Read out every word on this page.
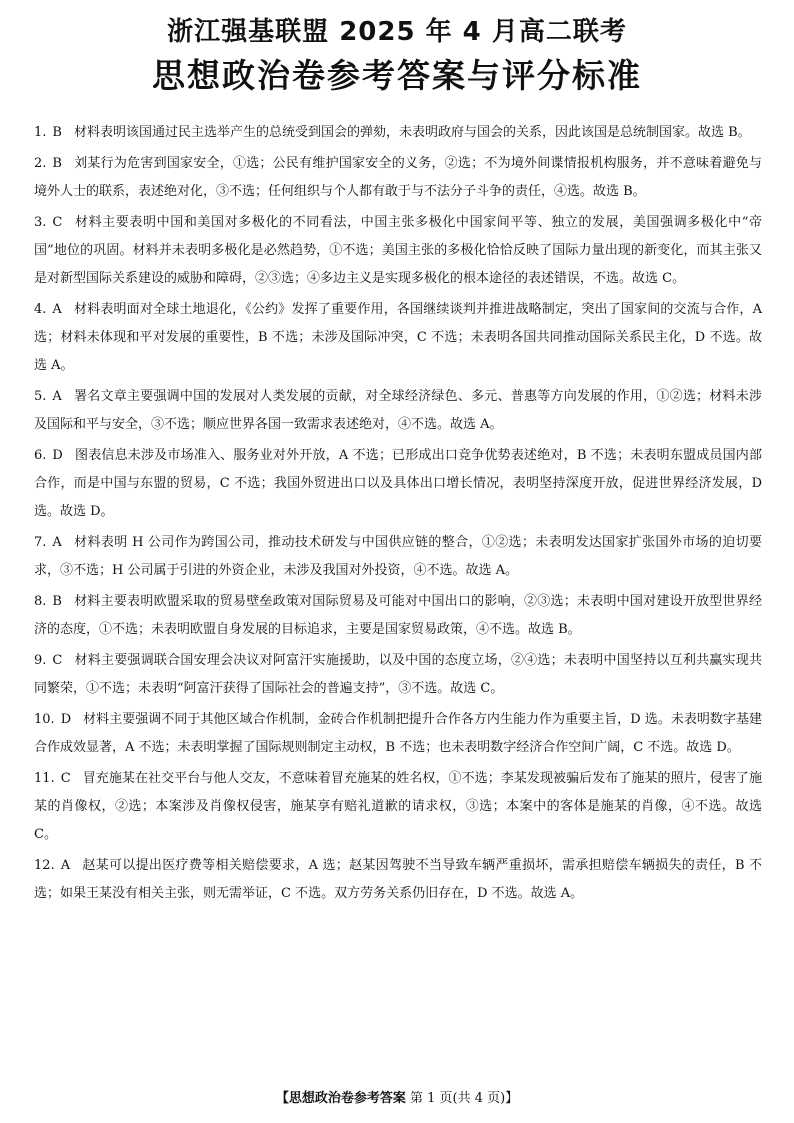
浙江强基联盟 2025 年 4 月高二联考
思想政治卷参考答案与评分标准
1. B 材料表明该国通过民主选举产生的总统受到国会的弹劾，未表明政府与国会的关系，因此该国是总统制国家。故选 B。
2. B 刘某行为危害到国家安全，①选；公民有维护国家安全的义务，②选；不为境外间谍情报机构服务，并不意味着避免与境外人士的联系，表述绝对化，③不选；任何组织与个人都有敢于与不法分子斗争的责任，④选。故选 B。
3. C 材料主要表明中国和美国对多极化的不同看法，中国主张多极化中国家间平等、独立的发展，美国强调多极化中“帝国”地位的巩固。材料并未表明多极化是必然趋势，①不选；美国主张的多极化恰恰反映了国际力量出现的新变化，而其主张又是对新型国际关系建设的威胁和障碍，②③选；④多边主义是实现多极化的根本途径的表述错误，不选。故选 C。
4. A 材料表明面对全球土地退化，《公约》发挥了重要作用，各国继续谈判并推进战略制定，突出了国家间的交流与合作，A 选；材料未体现和平对发展的重要性，B 不选；未涉及国际冲突，C 不选；未表明各国共同推动国际关系民主化，D 不选。故选 A。
5. A 署名文章主要强调中国的发展对人类发展的贡献，对全球经济绿色、多元、普惠等方向发展的作用，①②选；材料未涉及国际和平与安全，③不选；顺应世界各国一致需求表述绝对，④不选。故选 A。
6. D 图表信息未涉及市场准入、服务业对外开放，A 不选；已形成出口竞争优势表述绝对，B 不选；未表明东盟成员国内部合作，而是中国与东盟的贸易，C 不选；我国外贸进出口以及具体出口增长情况，表明坚持深度开放，促进世界经济发展，D 选。故选 D。
7. A 材料表明 H 公司作为跨国公司，推动技术研发与中国供应链的整合，①②选；未表明发达国家扩张国外市场的迫切要求，③不选；H 公司属于引进的外资企业，未涉及我国对外投资，④不选。故选 A。
8. B 材料主要表明欧盟采取的贸易壁垒政策对国际贸易及可能对中国出口的影响，②③选；未表明中国对建设开放型世界经济的态度，①不选；未表明欧盟自身发展的目标追求，主要是国家贸易政策，④不选。故选 B。
9. C 材料主要强调联合国安理会决议对阿富汗实施援助，以及中国的态度立场，②④选；未表明中国坚持以互利共赢实现共同繁荣，①不选；未表明“阿富汗获得了国际社会的普遍支持”，③不选。故选 C。
10. D 材料主要强调不同于其他区域合作机制，金砖合作机制把提升合作各方内生能力作为重要主旨，D 选。未表明数字基建合作成效显著，A 不选；未表明掌握了国际规则制定主动权，B 不选；也未表明数字经济合作空间广阔，C 不选。故选 D。
11. C 冒充施某在社交平台与他人交友，不意味着冒充施某的姓名权，①不选；李某发现被骗后发布了施某的照片，侵害了施某的肖像权，②选；本案涉及肖像权侵害，施某享有赔礼道歉的请求权，③选；本案中的客体是施某的肖像，④不选。故选 C。
12. A 赵某可以提出医疗费等相关赔偿要求，A 选；赵某因驾驶不当导致车辆严重损坏，需承担赔偿车辆损失的责任，B 不选；如果王某没有相关主张，则无需举证，C 不选。双方劳务关系仍旧存在，D 不选。故选 A。
【思想政治卷参考答案 第 1 页(共 4 页)】
